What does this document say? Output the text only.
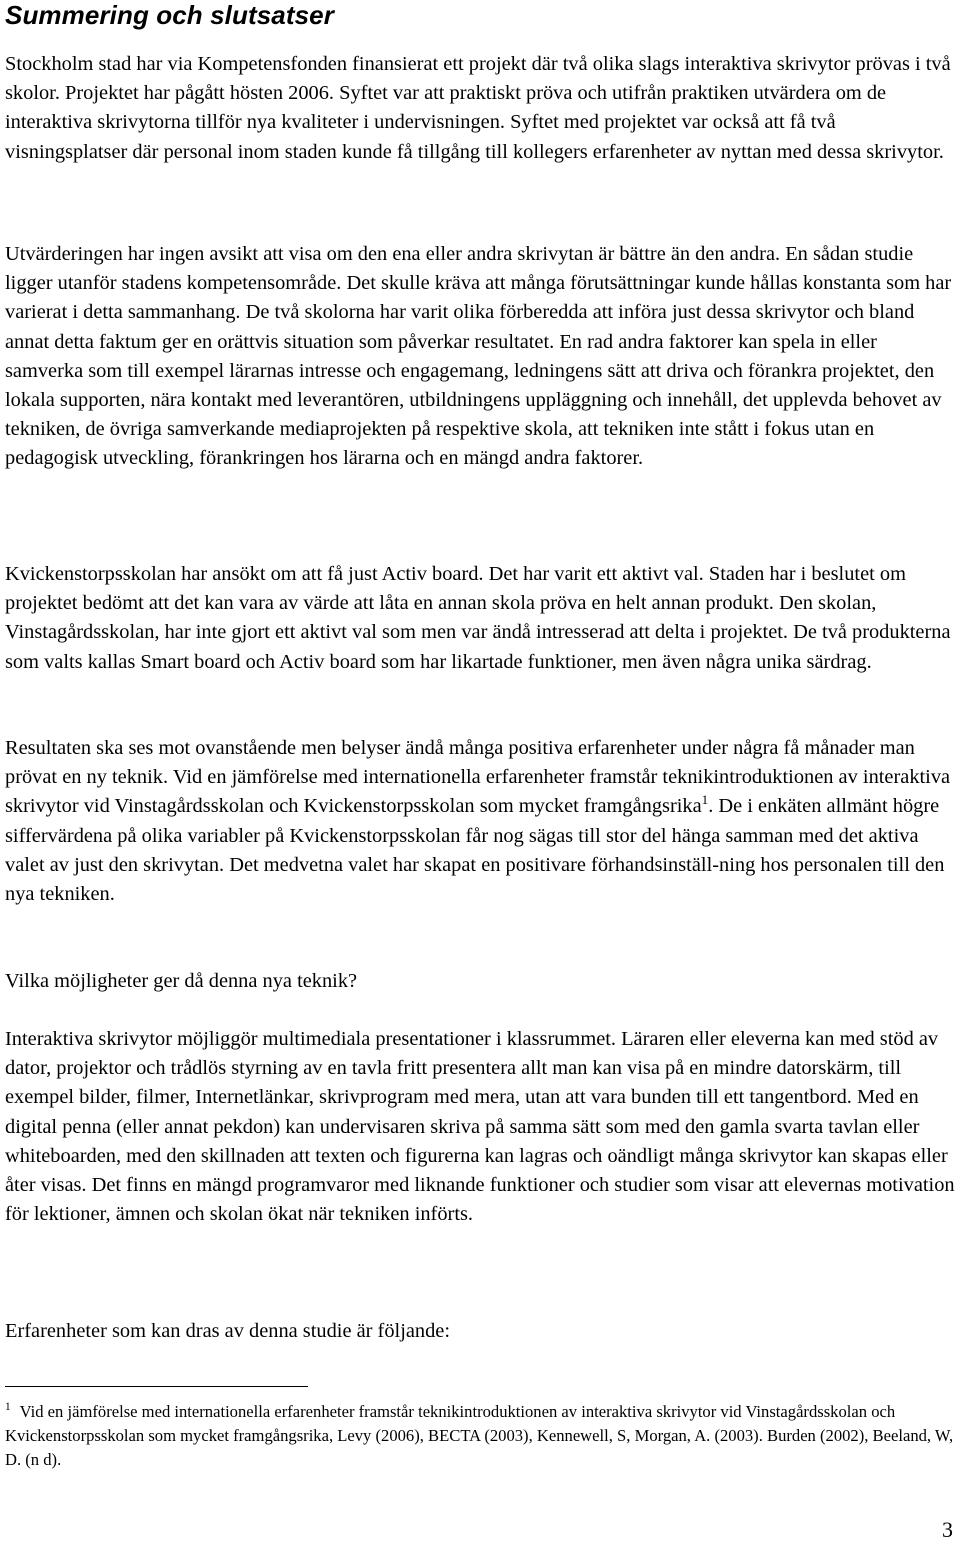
Summering och slutsatser

Stockholm stad har via Kompetensfonden finansierat ett projekt där två olika slags interaktiva skrivytor prövas i två skolor. Projektet har pågått hösten 2006. Syftet var att praktiskt pröva och utifrån praktiken utvärdera om de interaktiva skrivytorna tillför nya kvaliteter i undervisningen. Syftet med projektet var också att få två visningsplatser där personal inom staden kunde få tillgång till kollegers erfarenheter av nyttan med dessa skrivytor.

Utvärderingen har ingen avsikt att visa om den ena eller andra skrivytan är bättre än den andra. En sådan studie ligger utanför stadens kompetensområde. Det skulle kräva att många förutsättningar kunde hållas konstanta som har varierat i detta sammanhang. De två skolorna har varit olika förberedda att införa just dessa skrivytor och bland annat detta faktum ger en orättvis situation som påverkar resultatet. En rad andra faktorer kan spela in eller samverka som till exempel lärarnas intresse och engagemang, ledningens sätt att driva och förankra projektet, den lokala supporten, nära kontakt med leverantören, utbildningens uppläggning och innehåll, det upplevda behovet av tekniken, de övriga samverkande mediaprojekten på respektive skola, att tekniken inte stått i fokus utan en pedagogisk utveckling, förankringen hos lärarna och en mängd andra faktorer.

Kvickenstorpsskolan har ansökt om att få just Activ board. Det har varit ett aktivt val. Staden har i beslutet om projektet bedömt att det kan vara av värde att låta en annan skola pröva en helt annan produkt. Den skolan, Vinstagårdsskolan, har inte gjort ett aktivt val som men var ändå intresserad att delta i projektet. De två produkterna som valts kallas Smart board och Activ board som har likartade funktioner, men även några unika särdrag.

Resultaten ska ses mot ovanstående men belyser ändå många positiva erfarenheter under några få månader man prövat en ny teknik. Vid en jämförelse med internationella erfarenheter framstår teknikintroduktionen av interaktiva skrivytor vid Vinstagårdsskolan och Kvickenstorpsskolan som mycket framgångsrika$^1$. De i enkäten allmänt högre siffervärdena på olika variabler på Kvickenstorpsskolan får nog sägas till stor del hänga samman med det aktiva valet av just den skrivytan. Det medvetna valet har skapat en positivare förhandsinställ-ning hos personalen till den nya tekniken.

Vilka möjligheter ger då denna nya teknik?

Interaktiva skrivytor möjliggör multimediala presentationer i klassrummet. Läraren eller eleverna kan med stöd av dator, projektor och trådlös styrning av en tavla fritt presentera allt man kan visa på en mindre datorskärm, till exempel bilder, filmer, Internetlänkar, skrivprogram med mera, utan att vara bunden till ett tangentbord. Med en digital penna (eller annat pekdon) kan undervisaren skriva på samma sätt som med den gamla svarta tavlan eller whiteboarden, med den skillnaden att texten och figurerna kan lagras och oändligt många skrivytor kan skapas eller åter visas. Det finns en mängd programvaror med liknande funktioner och studier som visar att elevernas motivation för lektioner, ämnen och skolan ökat när tekniken införts.

Erfarenheter som kan dras av denna studie är följande:

$^1$ Vid en jämförelse med internationella erfarenheter framstår teknikintroduktionen av interaktiva skrivytor vid Vinstagårdsskolan och Kvickenstorpsskolan som mycket framgångsrika, Levy (2006), BECTA (2003), Kennewell, S, Morgan, A. (2003). Burden (2002), Beeland, W, D. (n d).

3
